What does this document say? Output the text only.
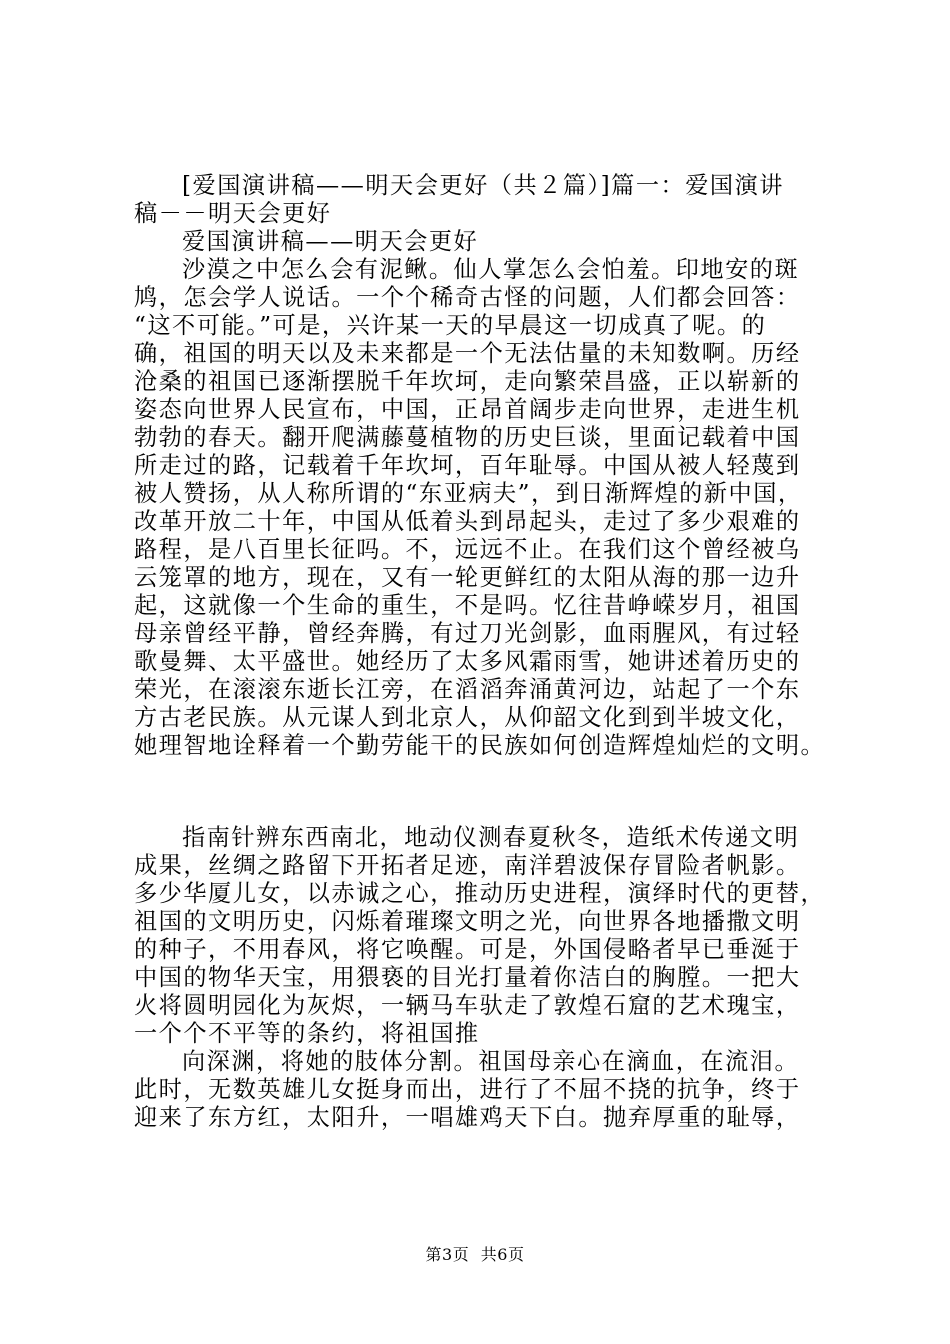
[爱国演讲稿——明天会更好（共２篇）]篇一：爱国演讲
稿－－明天会更好
爱国演讲稿——明天会更好
沙漠之中怎么会有泥鳅。仙人掌怎么会怕羞。印地安的斑
鸠，怎会学人说话。一个个稀奇古怪的问题，人们都会回答：
“这不可能。”可是，兴许某一天的早晨这一切成真了呢。的
确，祖国的明天以及未来都是一个无法估量的未知数啊。历经
沧桑的祖国已逐渐摆脱千年坎坷，走向繁荣昌盛，正以崭新的
姿态向世界人民宣布，中国，正昂首阔步走向世界，走进生机
勃勃的春天。翻开爬满藤蔓植物的历史巨谈，里面记载着中国
所走过的路，记载着千年坎坷，百年耻辱。中国从被人轻蔑到
被人赞扬，从人称所谓的“东亚病夫”，到日渐辉煌的新中国，
改革开放二十年，中国从低着头到昂起头，走过了多少艰难的
路程，是八百里长征吗。不，远远不止。在我们这个曾经被乌
云笼罩的地方，现在，又有一轮更鲜红的太阳从海的那一边升
起，这就像一个生命的重生，不是吗。忆往昔峥嵘岁月，祖国
母亲曾经平静，曾经奔腾，有过刀光剑影，血雨腥风，有过轻
歌曼舞、太平盛世。她经历了太多风霜雨雪，她讲述着历史的
荣光，在滚滚东逝长江旁，在滔滔奔涌黄河边，站起了一个东
方古老民族。从元谋人到北京人，从仰韶文化到到半坡文化，
她理智地诠释着一个勤劳能干的民族如何创造辉煌灿烂的文明。
指南针辨东西南北，地动仪测春夏秋冬，造纸术传递文明
成果，丝绸之路留下开拓者足迹，南洋碧波保存冒险者帆影。
多少华厦儿女，以赤诚之心，推动历史进程，演绎时代的更替，
祖国的文明历史，闪烁着璀璨文明之光，向世界各地播撒文明
的种子，不用春风，将它唤醒。可是，外国侵略者早已垂涎于
中国的物华天宝，用猥亵的目光打量着你洁白的胸膛。一把大
火将圆明园化为灰烬，一辆马车驮走了敦煌石窟的艺术瑰宝，
一个个不平等的条约，将祖国推
向深渊，将她的肢体分割。祖国母亲心在滴血，在流泪。
此时，无数英雄儿女挺身而出，进行了不屈不挠的抗争，终于
迎来了东方红，太阳升，一唱雄鸡天下白。抛弃厚重的耻辱，
第3页 共6页
